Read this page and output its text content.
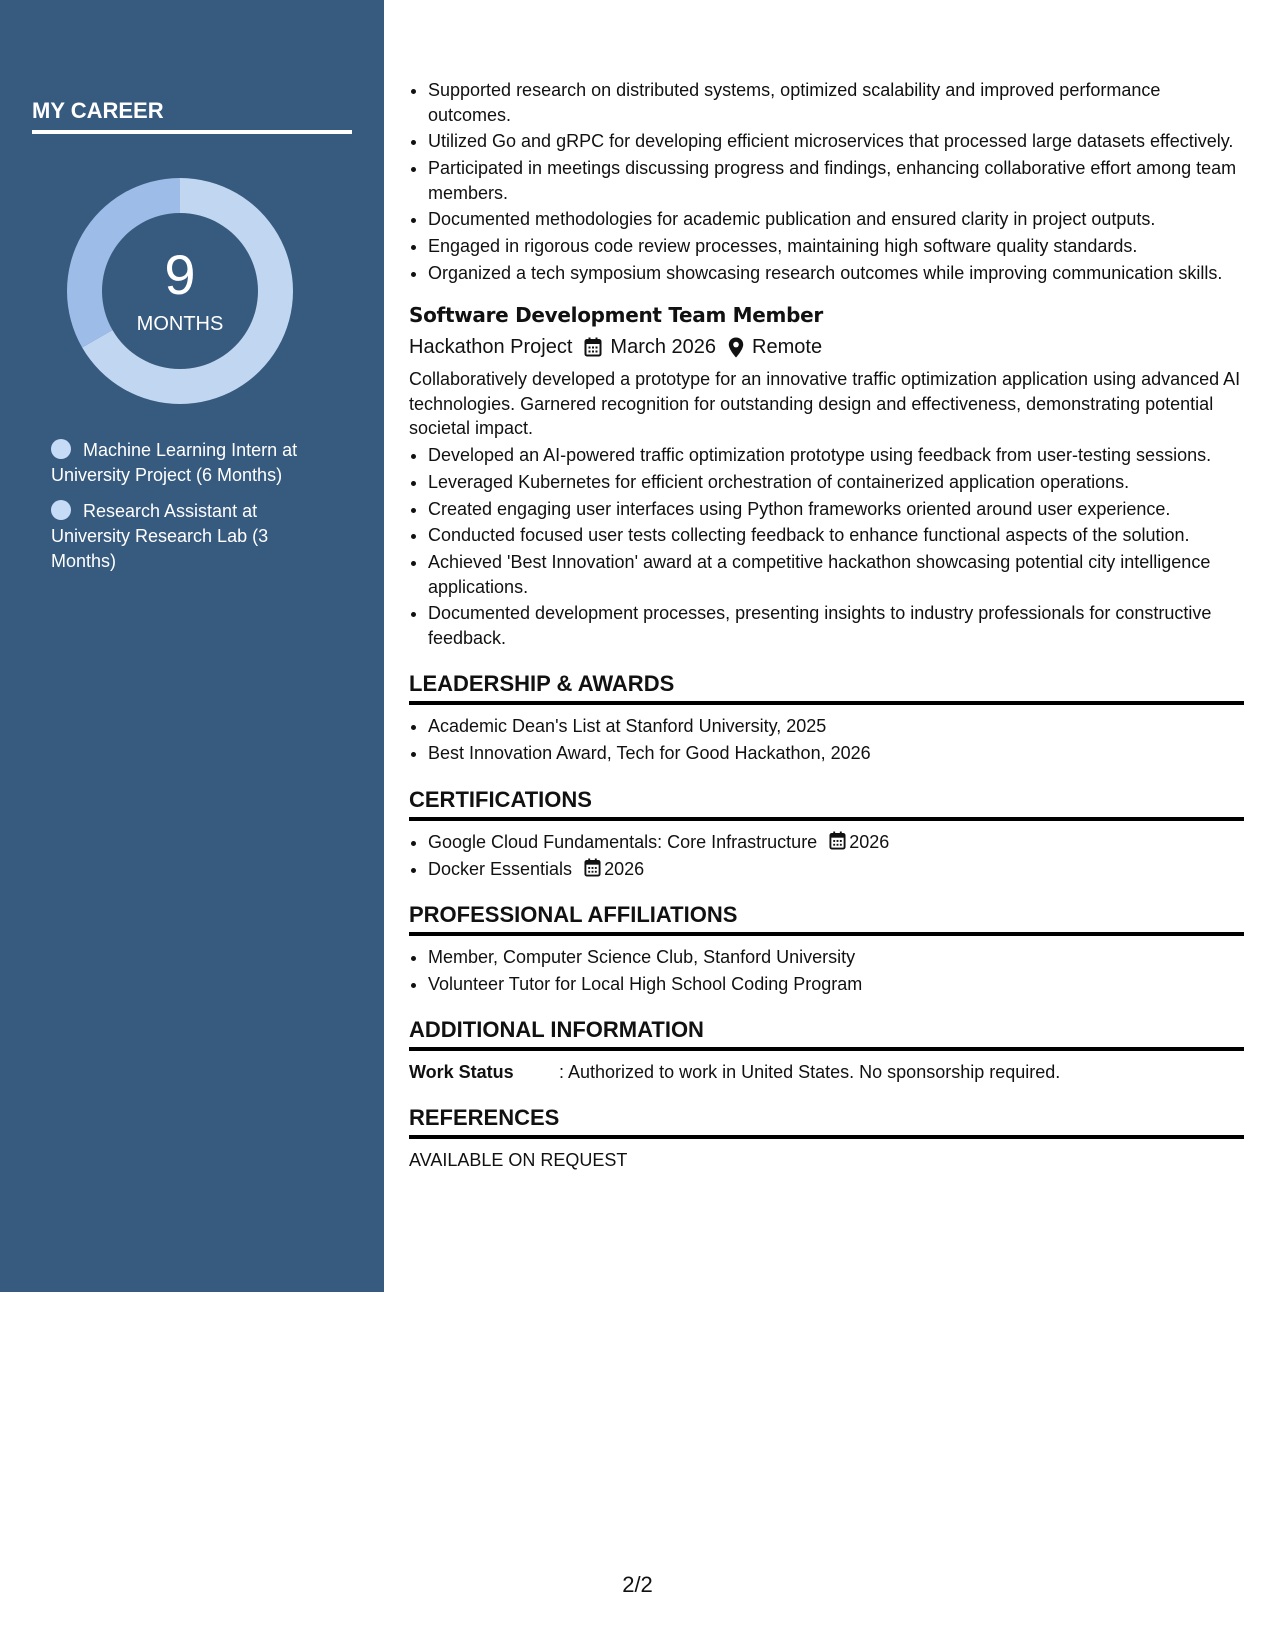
MY CAREER
9
MONTHS
Machine Learning Intern at University Project (6 Months)
Research Assistant at University Research Lab (3 Months)
• Supported research on distributed systems, optimized scalability and improved performance outcomes.
• Utilized Go and gRPC for developing efficient microservices that processed large datasets effectively.
• Participated in meetings discussing progress and findings, enhancing collaborative effort among team members.
• Documented methodologies for academic publication and ensured clarity in project outputs.
• Engaged in rigorous code review processes, maintaining high software quality standards.
• Organized a tech symposium showcasing research outcomes while improving communication skills.
Software Development Team Member
Hackathon Project March 2026 Remote

Collaboratively developed a prototype for an innovative traffic optimization application using advanced AI technologies. Garnered recognition for outstanding design and effectiveness, demonstrating potential societal impact.

• Developed an AI-powered traffic optimization prototype using feedback from user-testing sessions.
• Leveraged Kubernetes for efficient orchestration of containerized application operations.
• Created engaging user interfaces using Python frameworks oriented around user experience.
• Conducted focused user tests collecting feedback to enhance functional aspects of the solution.
• Achieved 'Best Innovation' award at a competitive hackathon showcasing potential city intelligence applications.
• Documented development processes, presenting insights to industry professionals for constructive feedback.
LEADERSHIP & AWARDS
• Academic Dean's List at Stanford University, 2025
• Best Innovation Award, Tech for Good Hackathon, 2026
CERTIFICATIONS
• Google Cloud Fundamentals: Core Infrastructure 2026
• Docker Essentials 2026
PROFESSIONAL AFFILIATIONS
• Member, Computer Science Club, Stanford University
• Volunteer Tutor for Local High School Coding Program
ADDITIONAL INFORMATION
Work Status	: Authorized to work in United States. No sponsorship required.
REFERENCES
AVAILABLE ON REQUEST
2/2
